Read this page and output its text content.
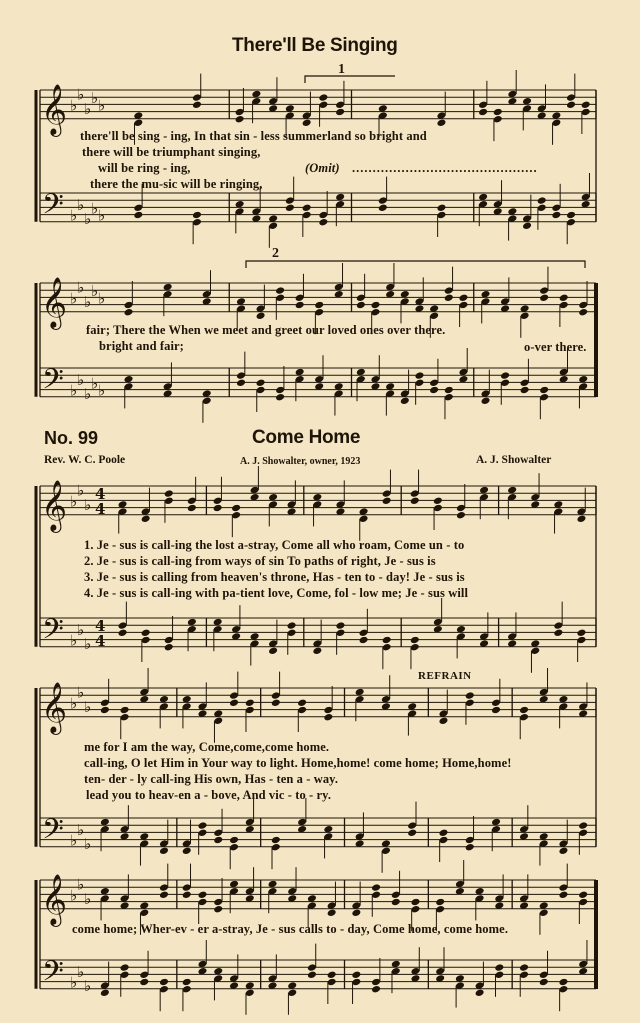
𝄞
𝄢
♭
♭
♭
♭ ♭
♭
♭
♭
♭ ♭
𝄞
𝄢
♭
♭
♭
♭ ♭
♭
♭
♭
♭ ♭
𝄞
𝄢
♭
♭
♭
♭
♭
♭
4
4
4
4
𝄞
𝄢
♭
♭
♭
♭
♭
♭
𝄞
𝄢
♭
♭
♭
♭
♭
♭
There'll Be Singing
1
2
there'll be sing - ing, In that sin - less summerland so bright and
there will be triumphant singing,
will be ring - ing,	(Omit) .............................................
there the mu-sic will be ringing,
fair; There the When we meet and greet our loved ones over there.
bright and fair;	o-ver there.
No. 99	Come Home
Rev. W. C. Poole	A. J. Showalter, owner, 1923	A. J. Showalter
1. Je - sus is call-ing the lost a-stray, Come all who roam, Come un - to
2. Je - sus is call-ing from ways of sin To paths of right, Je - sus is
3. Je - sus is calling from heaven's throne, Has - ten to - day! Je - sus is
4. Je - sus is call-ing with pa-tient love, Come, fol - low me; Je - sus will
REFRAIN
me for I am the way, Come,come,come home.
call-ing, O let Him in Your way to light. Home,home! come home; Home,home!
ten- der - ly call-ing His own, Has - ten a - way.
lead you to heav-en a - bove, And vic - to - ry.
come home; Wher-ev - er a-stray, Je - sus calls to - day, Come home, come home.
